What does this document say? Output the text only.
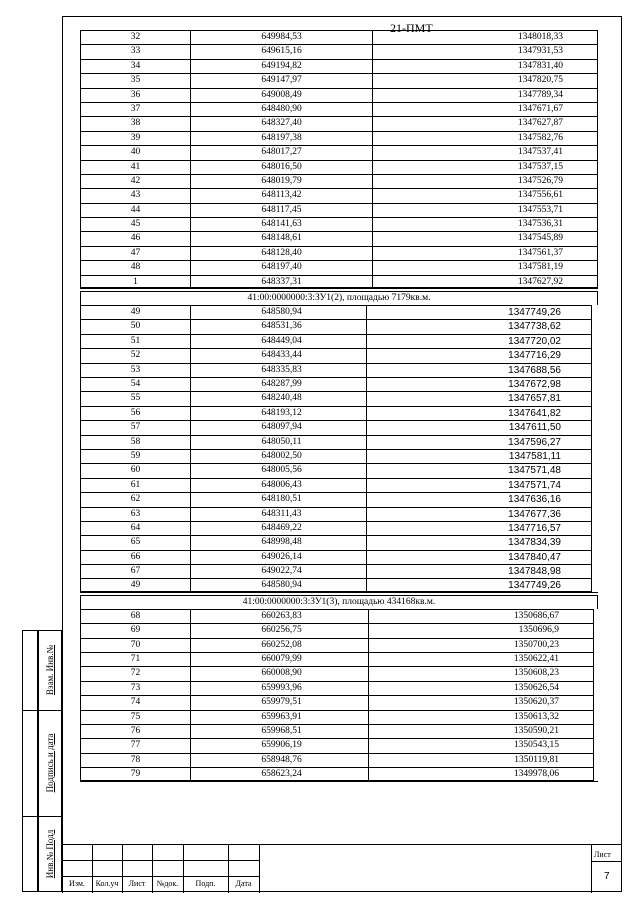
Взам. Инв.№
Подпись и дата
Инв.№ Подл
32	649984,53	1348018,33
33	649615,16	1347931,53
34	649194,82	1347831,40
35	649147,97	1347820,75
36	649008,49	1347789,34
37	648480,90	1347671,67
38	648327,40	1347627,87
39	648197,38	1347582,76
40	648017,27	1347537,41
41	648016,50	1347537,15
42	648019,79	1347526,79
43	648113,42	1347556,61
44	648117,45	1347553,71
45	648141,63	1347536,31
46	648148,61	1347545,89
47	648128,40	1347561,37
48	648197,40	1347581,19
1	648337,31	1347627,92
41:00:0000000:3:ЗУ1(2), площадью 7179кв.м.
49	648580,94	1347749,26
50	648531,36	1347738,62
51	648449,04	1347720,02
52	648433,44	1347716,29
53	648335,83	1347688,56
54	648287,99	1347672,98
55	648240,48	1347657,81
56	648193,12	1347641,82
57	648097,94	1347611,50
58	648050,11	1347596,27
59	648002,50	1347581,11
60	648005,56	1347571,48
61	648006,43	1347571,74
62	648180,51	1347636,16
63	648311,43	1347677,36
64	648469,22	1347716,57
65	648998,48	1347834,39
66	649026,14	1347840,47
67	649022,74	1347848,98
49	648580,94	1347749,26
41:00:0000000:3:ЗУ1(3), площадью 434168кв.м.
68	660263,83	1350686,67
69	660256,75	1350696,9
70	660252,08	1350700,23
71	660079,99	1350622,41
72	660008,90	1350608,23
73	659993,96	1350626,54
74	659979,51	1350620,37
75	659963,91	1350613,32
76	659968,51	1350590,21
77	659906,19	1350543,15
78	658948,76	1350119,81
79	658623,24	1349978,06
Изм.	Кол.уч	Лист	№док.	Подп.	Дата
21-ПМТ
Лист
7
